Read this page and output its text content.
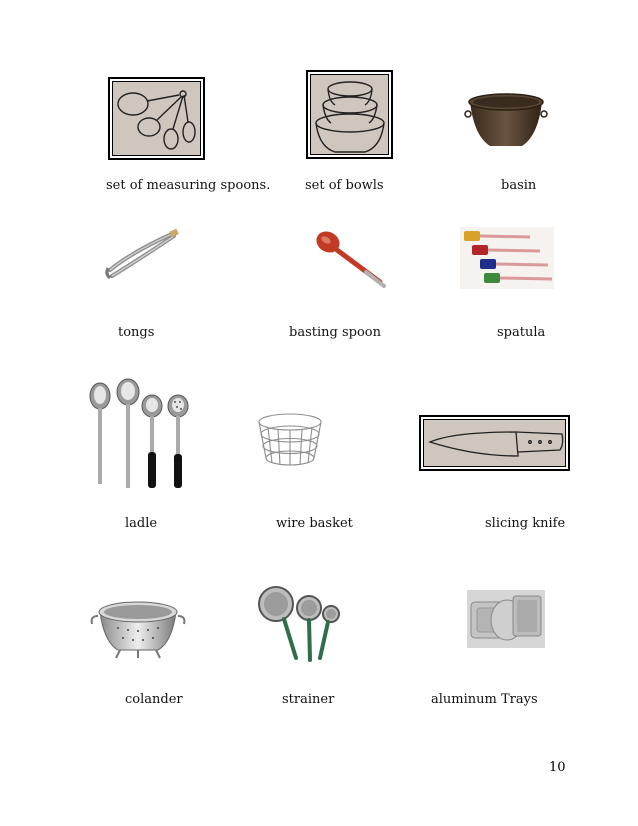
set of measuring spoons.	set of bowls	basin
tongs	basting spoon	spatula
ladle	wire basket	slicing knife
colander	strainer	aluminum Trays
10
